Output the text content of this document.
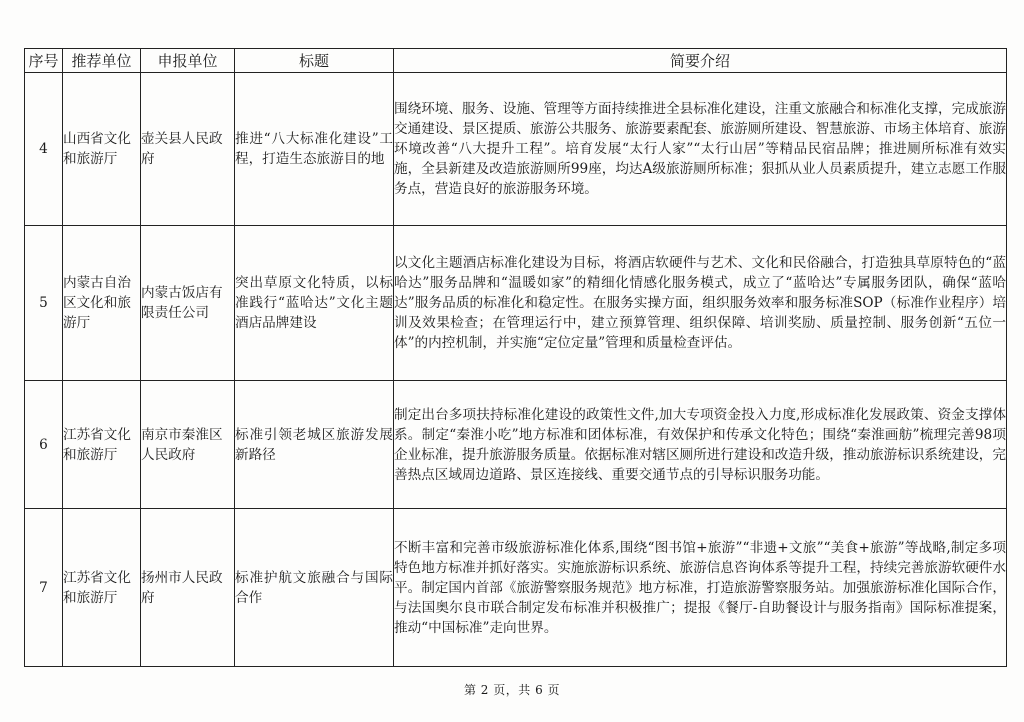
序号	推荐单位	申报单位	标题	简要介绍
4	山西省文化和旅游厅	壶关县人民政府	推进“八大标准化建设”工程，打造生态旅游目的地	围绕环境、服务、设施、管理等方面持续推进全县标准化建设，注重文旅融合和标准化支撑，完成旅游交通建设、景区提质、旅游公共服务、旅游要素配套、旅游厕所建设、智慧旅游、市场主体培育、旅游环境改善“八大提升工程”。培育发展“太行人家”“太行山居”等精品民宿品牌；推进厕所标准有效实施，全县新建及改造旅游厕所99座，均达A级旅游厕所标准；狠抓从业人员素质提升，建立志愿工作服务点，营造良好的旅游服务环境。
5	内蒙古自治区文化和旅游厅	内蒙古饭店有限责任公司	突出草原文化特质，以标准践行“蓝哈达”文化主题酒店品牌建设	以文化主题酒店标准化建设为目标，将酒店软硬件与艺术、文化和民俗融合，打造独具草原特色的“蓝哈达”服务品牌和“温暖如家”的精细化情感化服务模式，成立了“蓝哈达”专属服务团队，确保“蓝哈达”服务品质的标准化和稳定性。在服务实操方面，组织服务效率和服务标准SOP（标准作业程序）培训及效果检查；在管理运行中，建立预算管理、组织保障、培训奖励、质量控制、服务创新“五位一体”的内控机制，并实施“定位定量”管理和质量检查评估。
6	江苏省文化和旅游厅	南京市秦淮区人民政府	标准引领老城区旅游发展新路径	制定出台多项扶持标准化建设的政策性文件,加大专项资金投入力度,形成标准化发展政策、资金支撑体系。制定“秦淮小吃”地方标准和团体标准，有效保护和传承文化特色；围绕“秦淮画舫”梳理完善98项企业标准，提升旅游服务质量。依据标准对辖区厕所进行建设和改造升级，推动旅游标识系统建设，完善热点区域周边道路、景区连接线、重要交通节点的引导标识服务功能。
7	江苏省文化和旅游厅	扬州市人民政府	标准护航文旅融合与国际合作	不断丰富和完善市级旅游标准化体系,围绕“图书馆+旅游”“非遗+文旅”“美食+旅游”等战略,制定多项特色地方标准并抓好落实。实施旅游标识系统、旅游信息咨询体系等提升工程，持续完善旅游软硬件水平。制定国内首部《旅游警察服务规范》地方标准，打造旅游警察服务站。加强旅游标准化国际合作，与法国奥尔良市联合制定发布标准并积极推广；提报《餐厅-自助餐设计与服务指南》国际标准提案，推动“中国标准”走向世界。
第 2 页，共 6 页
